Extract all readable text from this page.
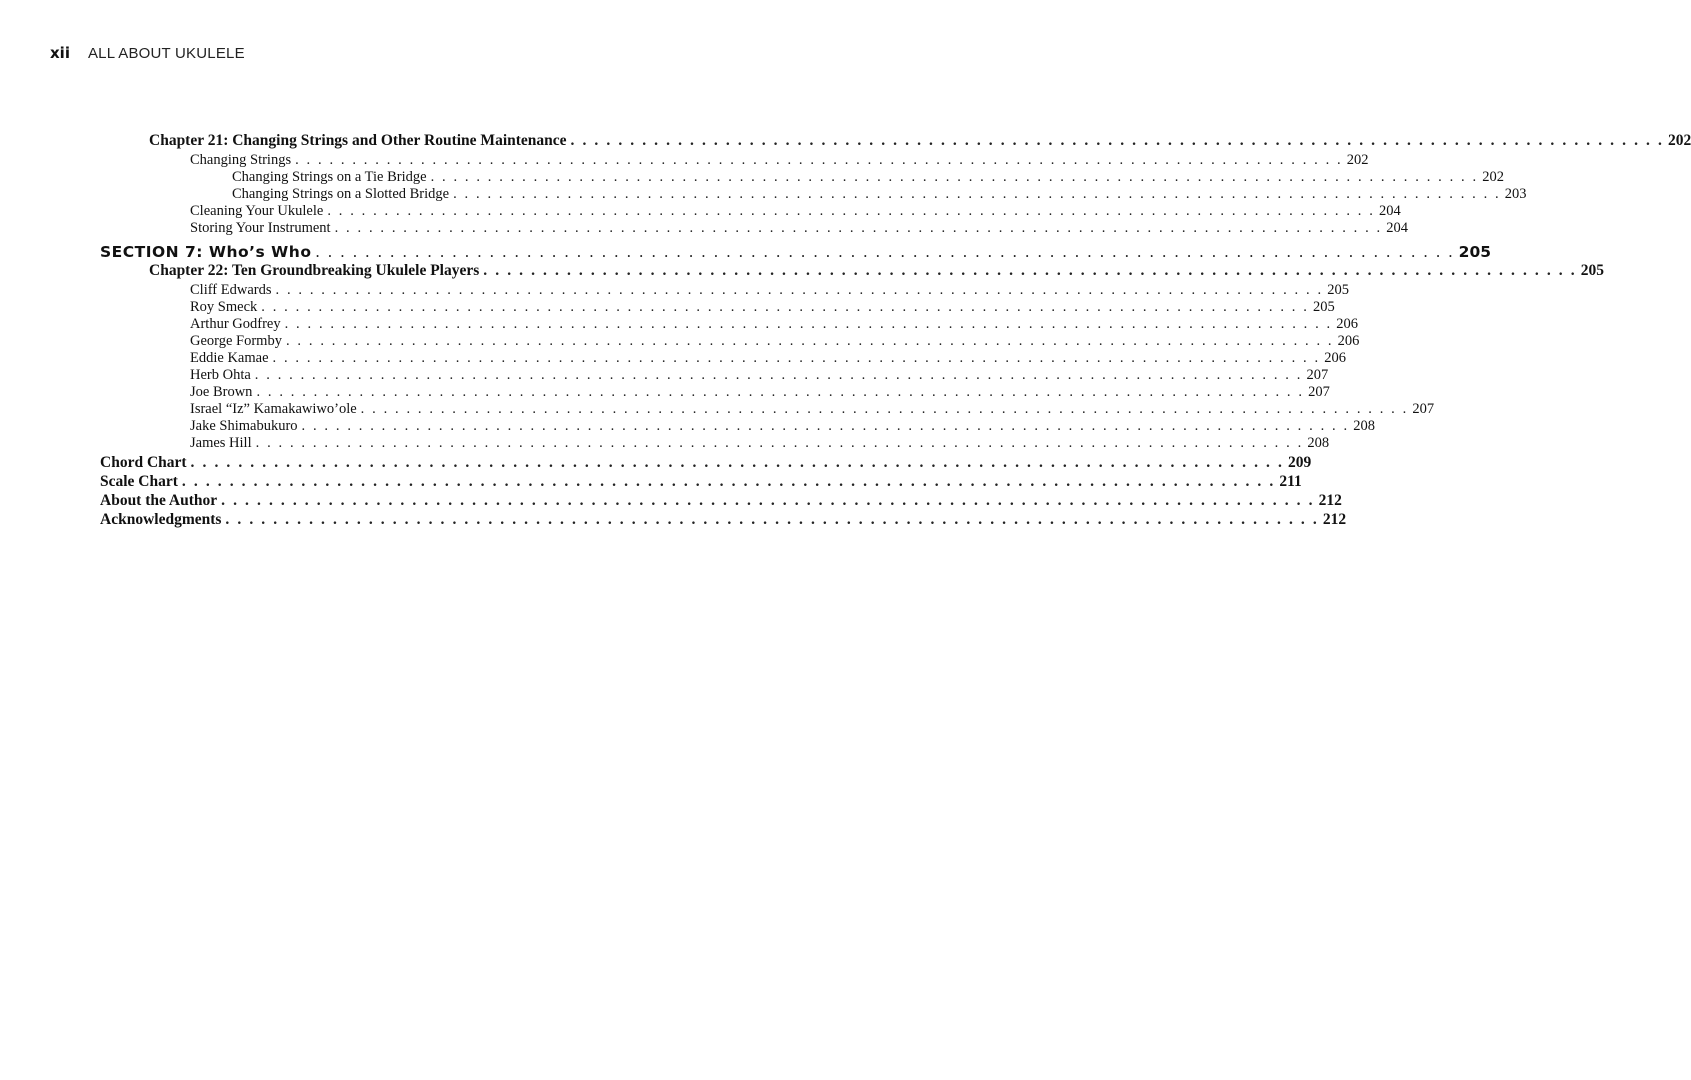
xii ALL ABOUT UKULELE
Chapter 21: Changing Strings and Other Routine Maintenance . . . . . . . . . . . . . . . . . . . . . . . . . . . . . . . . . . . . . . . . . . . . . . . . . . . . . . . . . . . . . . . . . . . . . . . . . . . . . . . . . . . . . . . . . . . . 202
Changing Strings . . . . . . . . . . . . . . . . . . . . . . . . . . . . . . . . . . . . . . . . . . . . . . . . . . . . . . . . . . . . . . . . . . . . . . . . . . . . . . . . . . . . . . . . . . . . 202
Changing Strings on a Tie Bridge . . . . . . . . . . . . . . . . . . . . . . . . . . . . . . . . . . . . . . . . . . . . . . . . . . . . . . . . . . . . . . . . . . . . . . . . . . . . . . . . . . . . . . . . . . . . 202
Changing Strings on a Slotted Bridge . . . . . . . . . . . . . . . . . . . . . . . . . . . . . . . . . . . . . . . . . . . . . . . . . . . . . . . . . . . . . . . . . . . . . . . . . . . . . . . . . . . . . . . . . . . . 203
Cleaning Your Ukulele . . . . . . . . . . . . . . . . . . . . . . . . . . . . . . . . . . . . . . . . . . . . . . . . . . . . . . . . . . . . . . . . . . . . . . . . . . . . . . . . . . . . . . . . . . . . 204
Storing Your Instrument . . . . . . . . . . . . . . . . . . . . . . . . . . . . . . . . . . . . . . . . . . . . . . . . . . . . . . . . . . . . . . . . . . . . . . . . . . . . . . . . . . . . . . . . . . . . 204
SECTION 7: Who’s Who . . . . . . . . . . . . . . . . . . . . . . . . . . . . . . . . . . . . . . . . . . . . . . . . . . . . . . . . . . . . . . . . . . . . . . . . . . . . . . . . . . . . . . . . . . . . 205
Chapter 22: Ten Groundbreaking Ukulele Players . . . . . . . . . . . . . . . . . . . . . . . . . . . . . . . . . . . . . . . . . . . . . . . . . . . . . . . . . . . . . . . . . . . . . . . . . . . . . . . . . . . . . . . . . . . . 205
Cliff Edwards . . . . . . . . . . . . . . . . . . . . . . . . . . . . . . . . . . . . . . . . . . . . . . . . . . . . . . . . . . . . . . . . . . . . . . . . . . . . . . . . . . . . . . . . . . . . 205
Roy Smeck . . . . . . . . . . . . . . . . . . . . . . . . . . . . . . . . . . . . . . . . . . . . . . . . . . . . . . . . . . . . . . . . . . . . . . . . . . . . . . . . . . . . . . . . . . . . 205
Arthur Godfrey . . . . . . . . . . . . . . . . . . . . . . . . . . . . . . . . . . . . . . . . . . . . . . . . . . . . . . . . . . . . . . . . . . . . . . . . . . . . . . . . . . . . . . . . . . . . 206
George Formby . . . . . . . . . . . . . . . . . . . . . . . . . . . . . . . . . . . . . . . . . . . . . . . . . . . . . . . . . . . . . . . . . . . . . . . . . . . . . . . . . . . . . . . . . . . . 206
Eddie Kamae . . . . . . . . . . . . . . . . . . . . . . . . . . . . . . . . . . . . . . . . . . . . . . . . . . . . . . . . . . . . . . . . . . . . . . . . . . . . . . . . . . . . . . . . . . . . 206
Herb Ohta . . . . . . . . . . . . . . . . . . . . . . . . . . . . . . . . . . . . . . . . . . . . . . . . . . . . . . . . . . . . . . . . . . . . . . . . . . . . . . . . . . . . . . . . . . . . 207
Joe Brown . . . . . . . . . . . . . . . . . . . . . . . . . . . . . . . . . . . . . . . . . . . . . . . . . . . . . . . . . . . . . . . . . . . . . . . . . . . . . . . . . . . . . . . . . . . . 207
Israel “Iz” Kamakawiwo’ole . . . . . . . . . . . . . . . . . . . . . . . . . . . . . . . . . . . . . . . . . . . . . . . . . . . . . . . . . . . . . . . . . . . . . . . . . . . . . . . . . . . . . . . . . . . . 207
Jake Shimabukuro . . . . . . . . . . . . . . . . . . . . . . . . . . . . . . . . . . . . . . . . . . . . . . . . . . . . . . . . . . . . . . . . . . . . . . . . . . . . . . . . . . . . . . . . . . . . 208
James Hill . . . . . . . . . . . . . . . . . . . . . . . . . . . . . . . . . . . . . . . . . . . . . . . . . . . . . . . . . . . . . . . . . . . . . . . . . . . . . . . . . . . . . . . . . . . . 208
Chord Chart . . . . . . . . . . . . . . . . . . . . . . . . . . . . . . . . . . . . . . . . . . . . . . . . . . . . . . . . . . . . . . . . . . . . . . . . . . . . . . . . . . . . . . . . . . . . 209
Scale Chart . . . . . . . . . . . . . . . . . . . . . . . . . . . . . . . . . . . . . . . . . . . . . . . . . . . . . . . . . . . . . . . . . . . . . . . . . . . . . . . . . . . . . . . . . . . . 211
About the Author . . . . . . . . . . . . . . . . . . . . . . . . . . . . . . . . . . . . . . . . . . . . . . . . . . . . . . . . . . . . . . . . . . . . . . . . . . . . . . . . . . . . . . . . . . . . 212
Acknowledgments . . . . . . . . . . . . . . . . . . . . . . . . . . . . . . . . . . . . . . . . . . . . . . . . . . . . . . . . . . . . . . . . . . . . . . . . . . . . . . . . . . . . . . . . . . . . 212
